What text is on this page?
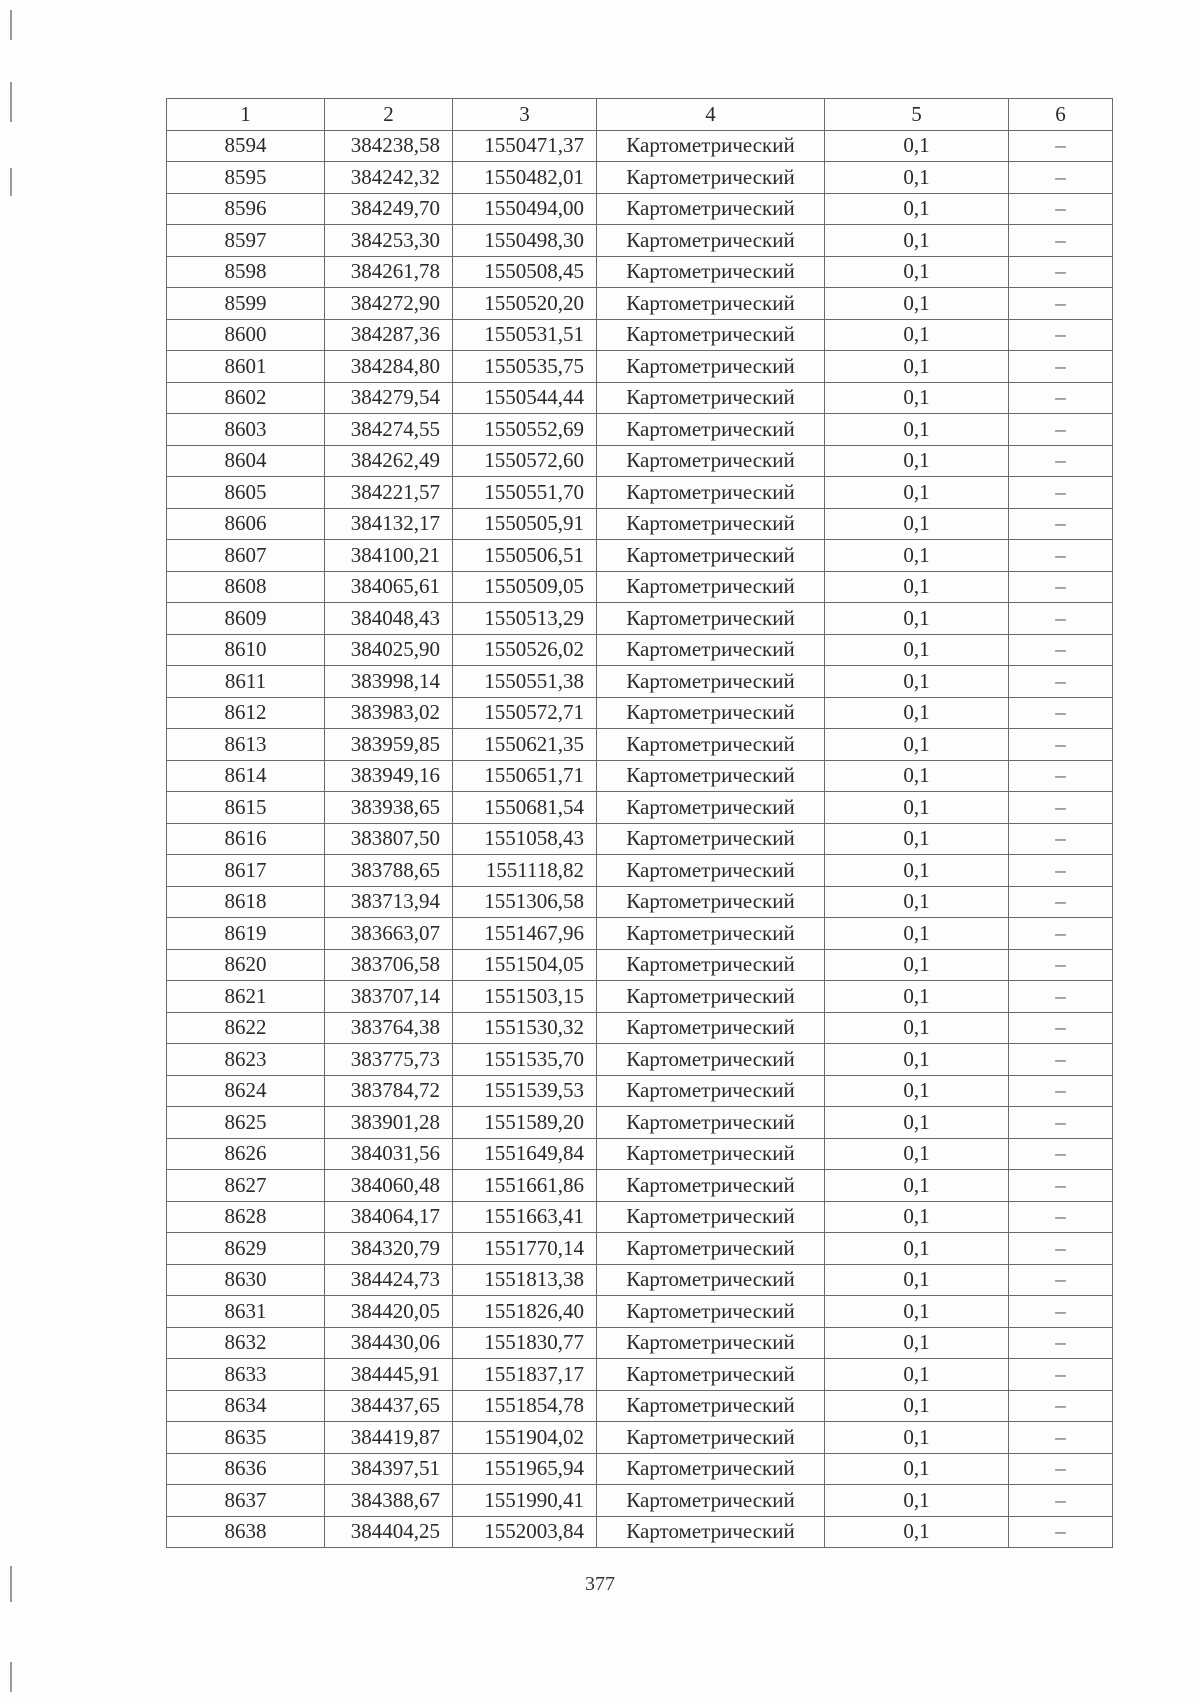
1	2	3	4	5	6
8594	384238,58	1550471,37	Картометрический	0,1	–
8595	384242,32	1550482,01	Картометрический	0,1	–
8596	384249,70	1550494,00	Картометрический	0,1	–
8597	384253,30	1550498,30	Картометрический	0,1	–
8598	384261,78	1550508,45	Картометрический	0,1	–
8599	384272,90	1550520,20	Картометрический	0,1	–
8600	384287,36	1550531,51	Картометрический	0,1	–
8601	384284,80	1550535,75	Картометрический	0,1	–
8602	384279,54	1550544,44	Картометрический	0,1	–
8603	384274,55	1550552,69	Картометрический	0,1	–
8604	384262,49	1550572,60	Картометрический	0,1	–
8605	384221,57	1550551,70	Картометрический	0,1	–
8606	384132,17	1550505,91	Картометрический	0,1	–
8607	384100,21	1550506,51	Картометрический	0,1	–
8608	384065,61	1550509,05	Картометрический	0,1	–
8609	384048,43	1550513,29	Картометрический	0,1	–
8610	384025,90	1550526,02	Картометрический	0,1	–
8611	383998,14	1550551,38	Картометрический	0,1	–
8612	383983,02	1550572,71	Картометрический	0,1	–
8613	383959,85	1550621,35	Картометрический	0,1	–
8614	383949,16	1550651,71	Картометрический	0,1	–
8615	383938,65	1550681,54	Картометрический	0,1	–
8616	383807,50	1551058,43	Картометрический	0,1	–
8617	383788,65	1551118,82	Картометрический	0,1	–
8618	383713,94	1551306,58	Картометрический	0,1	–
8619	383663,07	1551467,96	Картометрический	0,1	–
8620	383706,58	1551504,05	Картометрический	0,1	–
8621	383707,14	1551503,15	Картометрический	0,1	–
8622	383764,38	1551530,32	Картометрический	0,1	–
8623	383775,73	1551535,70	Картометрический	0,1	–
8624	383784,72	1551539,53	Картометрический	0,1	–
8625	383901,28	1551589,20	Картометрический	0,1	–
8626	384031,56	1551649,84	Картометрический	0,1	–
8627	384060,48	1551661,86	Картометрический	0,1	–
8628	384064,17	1551663,41	Картометрический	0,1	–
8629	384320,79	1551770,14	Картометрический	0,1	–
8630	384424,73	1551813,38	Картометрический	0,1	–
8631	384420,05	1551826,40	Картометрический	0,1	–
8632	384430,06	1551830,77	Картометрический	0,1	–
8633	384445,91	1551837,17	Картометрический	0,1	–
8634	384437,65	1551854,78	Картометрический	0,1	–
8635	384419,87	1551904,02	Картометрический	0,1	–
8636	384397,51	1551965,94	Картометрический	0,1	–
8637	384388,67	1551990,41	Картометрический	0,1	–
8638	384404,25	1552003,84	Картометрический	0,1	–
377
